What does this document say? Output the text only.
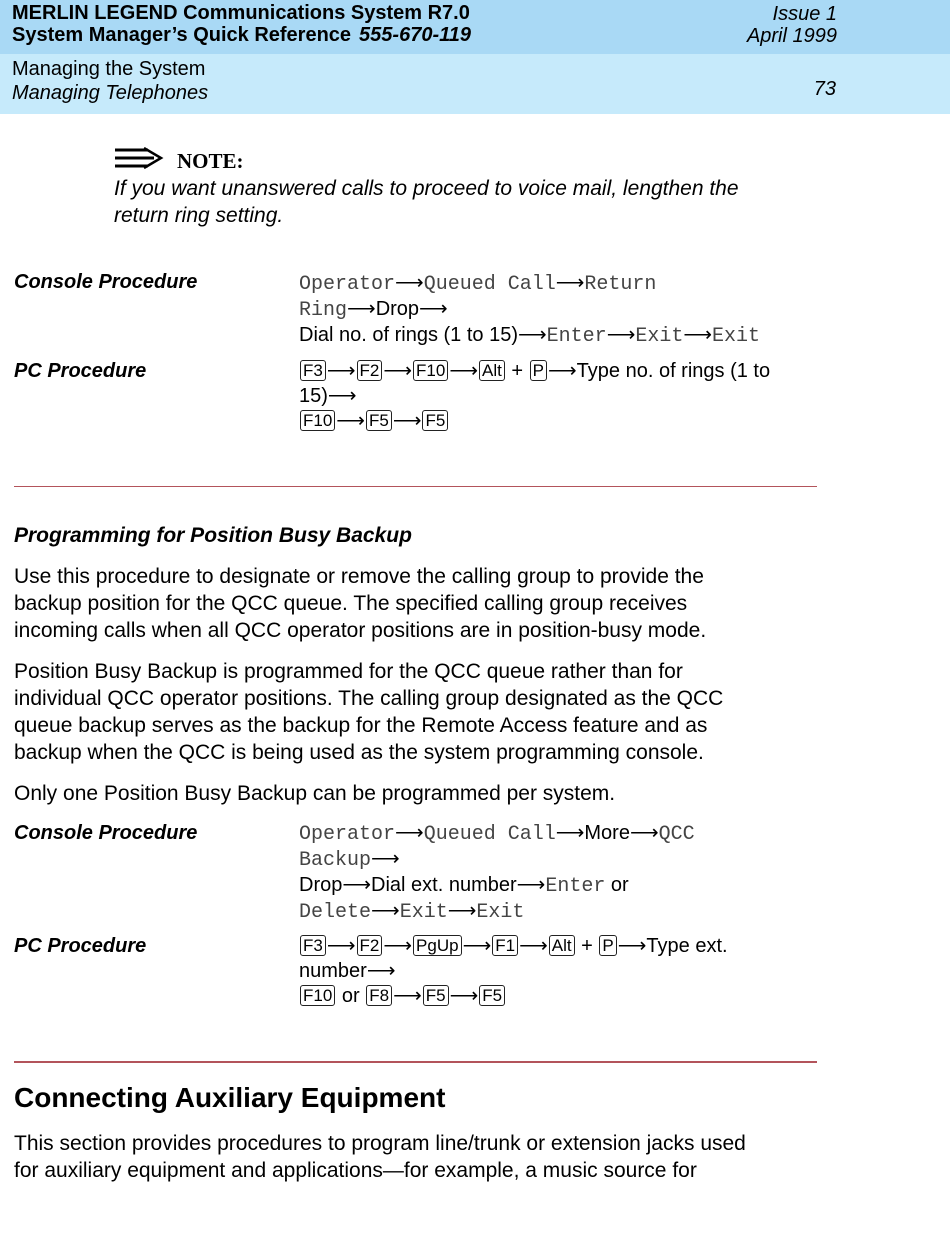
MERLIN LEGEND Communications System R7.0
System Manager’s Quick Reference 555-670-119
Issue 1
April 1999
Managing the System
Managing Telephones	73
NOTE:
If you want unanswered calls to proceed to voice mail, lengthen the
return ring setting.
Console Procedure	Operator⟶Queued Call⟶Return
Ring⟶Drop⟶
Dial no. of rings (1 to 15)⟶Enter⟶Exit⟶Exit
PC Procedure	F3 ⟶ F2 ⟶ F10 ⟶ Alt + P ⟶Type no. of rings (1 to
15)⟶
F10 ⟶ F5 ⟶ F5
Programming for Position Busy Backup
Use this procedure to designate or remove the calling group to provide the
backup position for the QCC queue. The specified calling group receives
incoming calls when all QCC operator positions are in position-busy mode.
Position Busy Backup is programmed for the QCC queue rather than for
individual QCC operator positions. The calling group designated as the QCC
queue backup serves as the backup for the Remote Access feature and as
backup when the QCC is being used as the system programming console.
Only one Position Busy Backup can be programmed per system.
Console Procedure	Operator⟶Queued Call⟶More⟶QCC
Backup⟶
Drop⟶Dial ext. number⟶Enter or
Delete⟶Exit⟶Exit
PC Procedure	F3 ⟶ F2 ⟶ PgUp ⟶ F1 ⟶ Alt + P ⟶Type ext.
number⟶
F10 or F8 ⟶ F5 ⟶ F5
Connecting Auxiliary Equipment
This section provides procedures to program line/trunk or extension jacks used
for auxiliary equipment and applications—for example, a music source for
